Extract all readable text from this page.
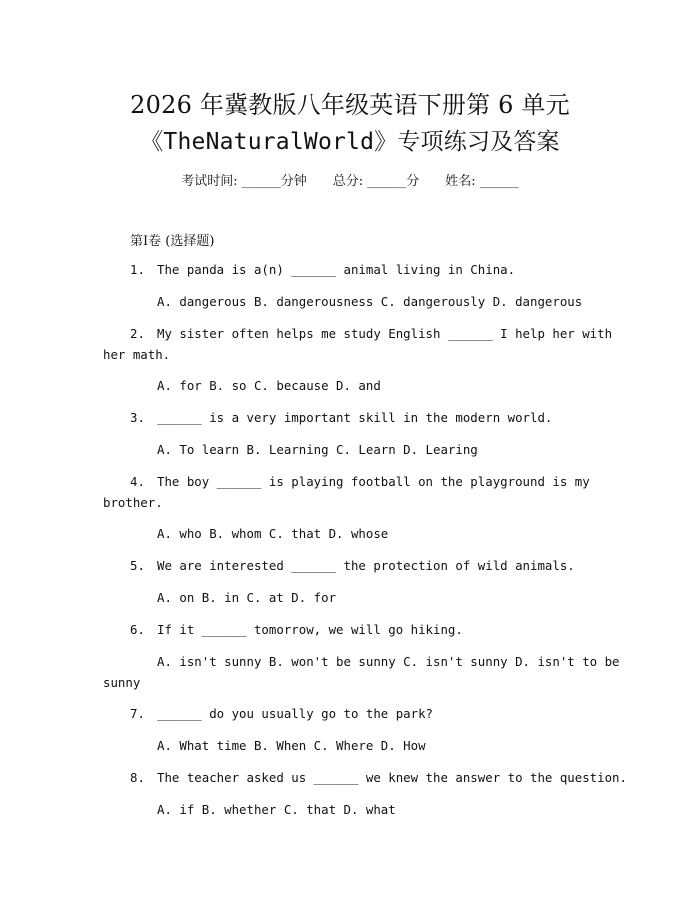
2026 年冀教版八年级英语下册第 6 单元
《TheNaturalWorld》专项练习及答案
考试时间: ______分钟 总分: ______分 姓名: ______
第Ⅰ卷 (选择题)
1. The panda is a(n) ______ animal living in China.
A. dangerous B. dangerousness C. dangerously D. dangerous
2. My sister often helps me study English ______ I help her with
her math.
A. for B. so C. because D. and
3. ______ is a very important skill in the modern world.
A. To learn B. Learning C. Learn D. Learing
4. The boy ______ is playing football on the playground is my
brother.
A. who B. whom C. that D. whose
5. We are interested ______ the protection of wild animals.
A. on B. in C. at D. for
6. If it ______ tomorrow, we will go hiking.
A. isn't sunny B. won't be sunny C. isn't sunny D. isn't to be
sunny
7. ______ do you usually go to the park?
A. What time B. When C. Where D. How
8. The teacher asked us ______ we knew the answer to the question.
A. if B. whether C. that D. what
